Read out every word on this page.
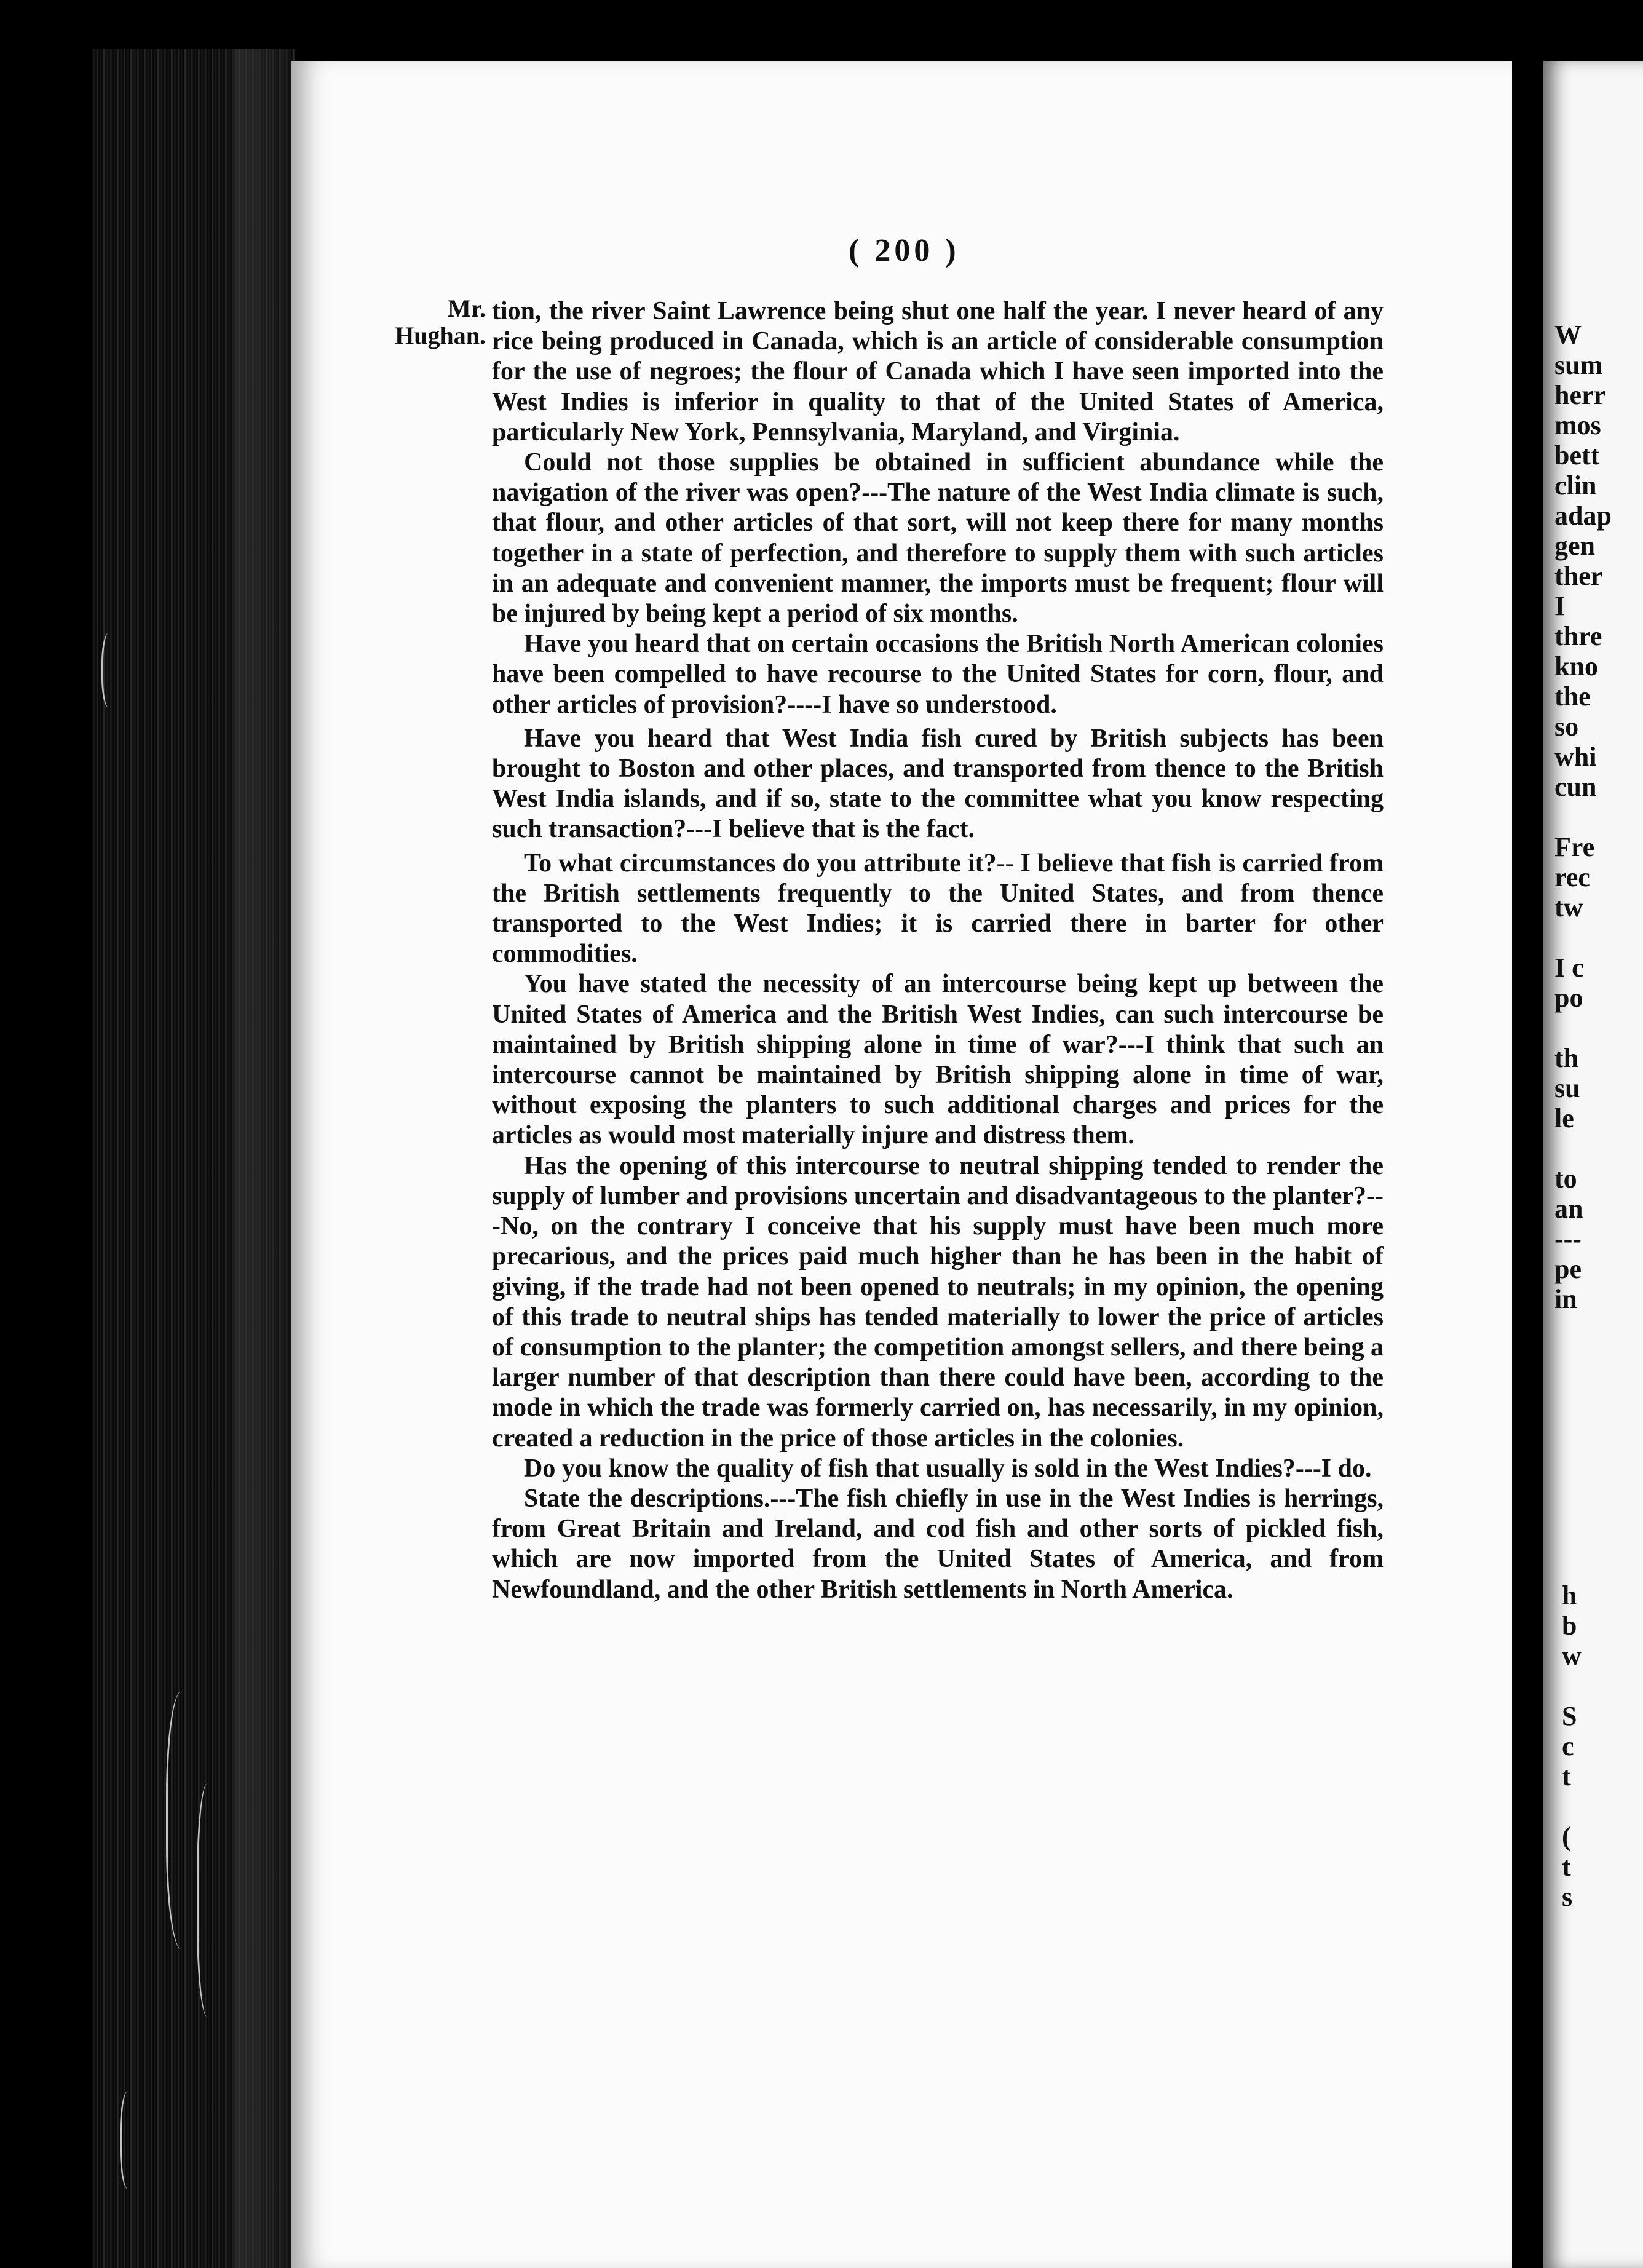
W
sum
herr
mos
bett
clin
adap
gen
ther
I
thre
kno
the
so
whi
cun
Fre
rec
tw
I c
po
th
su
le
to
an
---
pe
in
h
b
w
S
c
t
(
t
s
( 200 )
Mr.
Hughan.

tion, the river Saint Lawrence being shut one half the year. I never heard of any rice being produced in Canada, which is an article of considerable consumption for the use of negroes; the flour of Canada which I have seen imported into the West Indies is inferior in quality to that of the United States of America, particularly New York, Pennsylvania, Maryland, and Virginia.

Could not those supplies be obtained in sufficient abundance while the navigation of the river was open?---The nature of the West India climate is such, that flour, and other articles of that sort, will not keep there for many months together in a state of perfection, and therefore to supply them with such articles in an adequate and convenient manner, the imports must be frequent; flour will be injured by being kept a period of six months.

Have you heard that on certain occasions the British North American colonies have been compelled to have recourse to the United States for corn, flour, and other articles of provision?----I have so understood.

Have you heard that West India fish cured by British subjects has been brought to Boston and other places, and transported from thence to the British West India islands, and if so, state to the committee what you know respecting such transaction?---I believe that is the fact.

To what circumstances do you attribute it?-- I believe that fish is carried from the British settlements frequently to the United States, and from thence transported to the West Indies; it is carried there in barter for other commodities.

You have stated the necessity of an intercourse being kept up between the United States of America and the British West Indies, can such intercourse be maintained by British shipping alone in time of war?---I think that such an intercourse cannot be maintained by British shipping alone in time of war, without exposing the planters to such additional charges and prices for the articles as would most materially injure and distress them.

Has the opening of this intercourse to neutral shipping tended to render the supply of lumber and provisions uncertain and disadvantageous to the planter?---No, on the contrary I conceive that his supply must have been much more precarious, and the prices paid much higher than he has been in the habit of giving, if the trade had not been opened to neutrals; in my opinion, the opening of this trade to neutral ships has tended materially to lower the price of articles of consumption to the planter; the competition amongst sellers, and there being a larger number of that description than there could have been, according to the mode in which the trade was formerly carried on, has necessarily, in my opinion, created a reduction in the price of those articles in the colonies.

Do you know the quality of fish that usually is sold in the West Indies?---I do.

State the descriptions.---The fish chiefly in use in the West Indies is herrings, from Great Britain and Ireland, and cod fish and other sorts of pickled fish, which are now imported from the United States of America, and from Newfoundland, and the other British settlements in North America.
